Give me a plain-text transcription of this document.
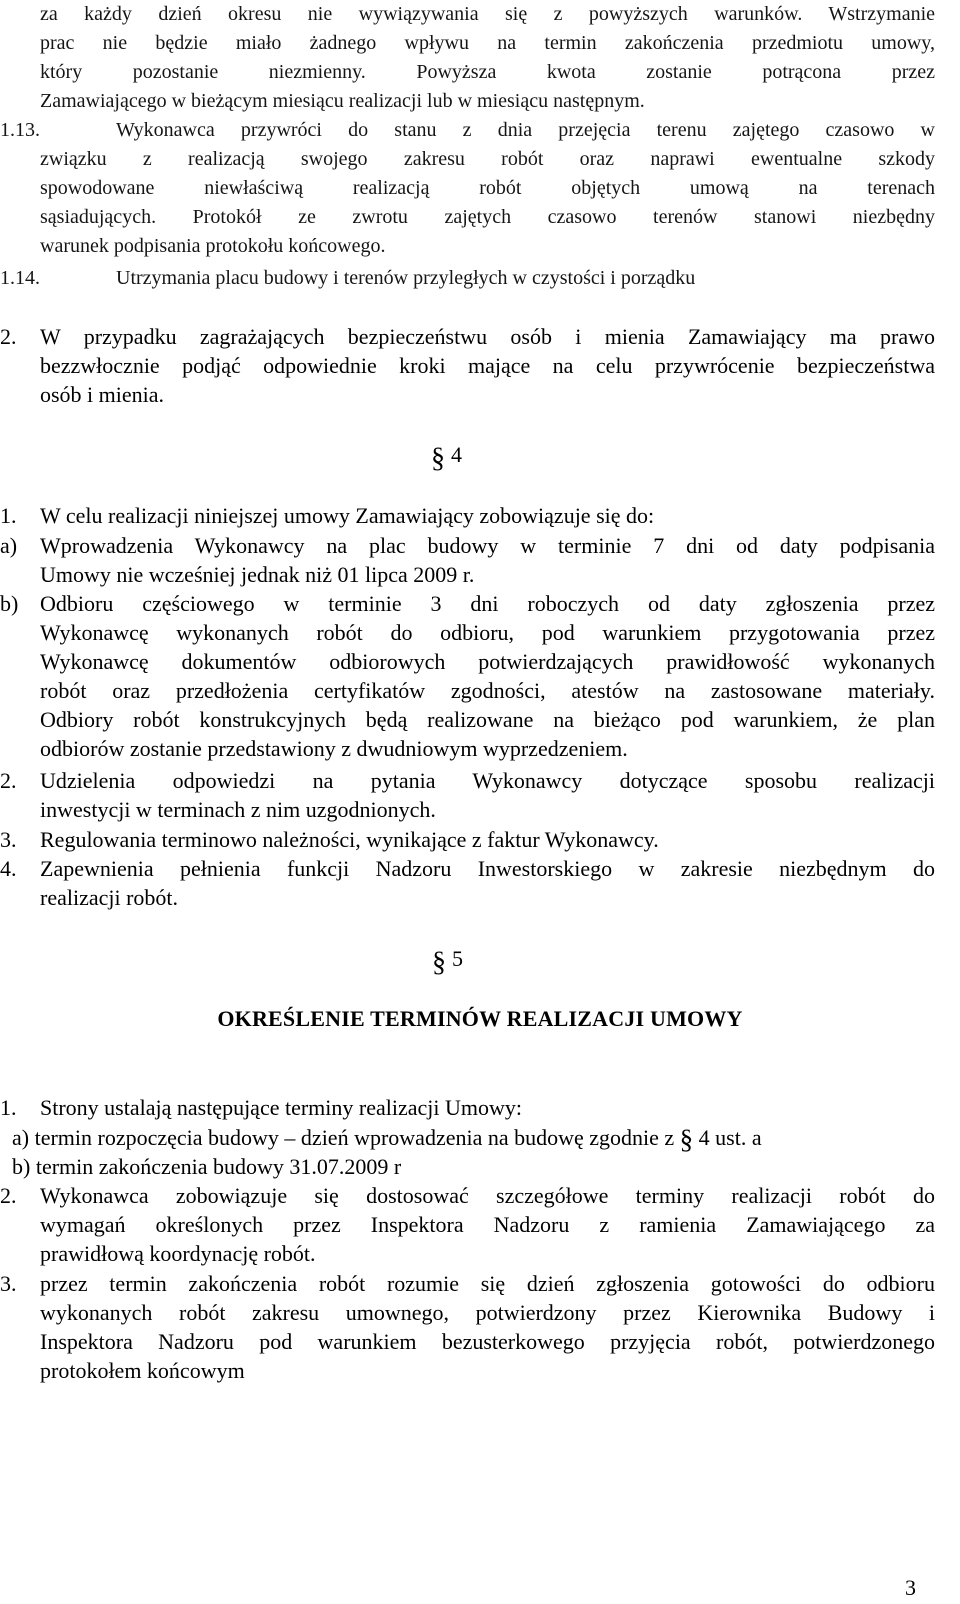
za każdy dzień okresu nie wywiązywania się z powyższych warunków. Wstrzymanie
prac nie będzie miało żadnego wpływu na termin zakończenia przedmiotu umowy,
który pozostanie niezmienny. Powyższa kwota zostanie potrącona przez
Zamawiającego w bieżącym miesiącu realizacji lub w miesiącu następnym.
1.13.	Wykonawca przywróci do stanu z dnia przejęcia terenu zajętego czasowo w
związku z realizacją swojego zakresu robót oraz naprawi ewentualne szkody
spowodowane niewłaściwą realizacją robót objętych umową na terenach
sąsiadujących. Protokół ze zwrotu zajętych czasowo terenów stanowi niezbędny
warunek podpisania protokołu końcowego.
1.14.	Utrzymania placu budowy i terenów przyległych w czystości i porządku
2. W przypadku zagrażających bezpieczeństwu osób i mienia Zamawiający ma prawo
bezzwłocznie podjąć odpowiednie kroki mające na celu przywrócenie bezpieczeństwa
osób i mienia.
§ 4
1. W celu realizacji niniejszej umowy Zamawiający zobowiązuje się do:
a) Wprowadzenia Wykonawcy na plac budowy w terminie 7 dni od daty podpisania
Umowy nie wcześniej jednak niż 01 lipca 2009 r.
b) Odbioru częściowego w terminie 3 dni roboczych od daty zgłoszenia przez
Wykonawcę wykonanych robót do odbioru, pod warunkiem przygotowania przez
Wykonawcę dokumentów odbiorowych potwierdzających prawidłowość wykonanych
robót oraz przedłożenia certyfikatów zgodności, atestów na zastosowane materiały.
Odbiory robót konstrukcyjnych będą realizowane na bieżąco pod warunkiem, że plan
odbiorów zostanie przedstawiony z dwudniowym wyprzedzeniem.
2. Udzielenia odpowiedzi na pytania Wykonawcy dotyczące sposobu realizacji
inwestycji w terminach z nim uzgodnionych.
3. Regulowania terminowo należności, wynikające z faktur Wykonawcy.
4. Zapewnienia pełnienia funkcji Nadzoru Inwestorskiego w zakresie niezbędnym do
realizacji robót.
§ 5
OKREŚLENIE TERMINÓW REALIZACJI UMOWY
1. Strony ustalają następujące terminy realizacji Umowy:
a) termin rozpoczęcia budowy – dzień wprowadzenia na budowę zgodnie z § 4 ust. a
b) termin zakończenia budowy 31.07.2009 r
2. Wykonawca zobowiązuje się dostosować szczegółowe terminy realizacji robót do
wymagań określonych przez Inspektora Nadzoru z ramienia Zamawiającego za
prawidłową koordynację robót.
3. przez termin zakończenia robót rozumie się dzień zgłoszenia gotowości do odbioru
wykonanych robót zakresu umownego, potwierdzony przez Kierownika Budowy i
Inspektora Nadzoru pod warunkiem bezusterkowego przyjęcia robót, potwierdzonego
protokołem końcowym
3
